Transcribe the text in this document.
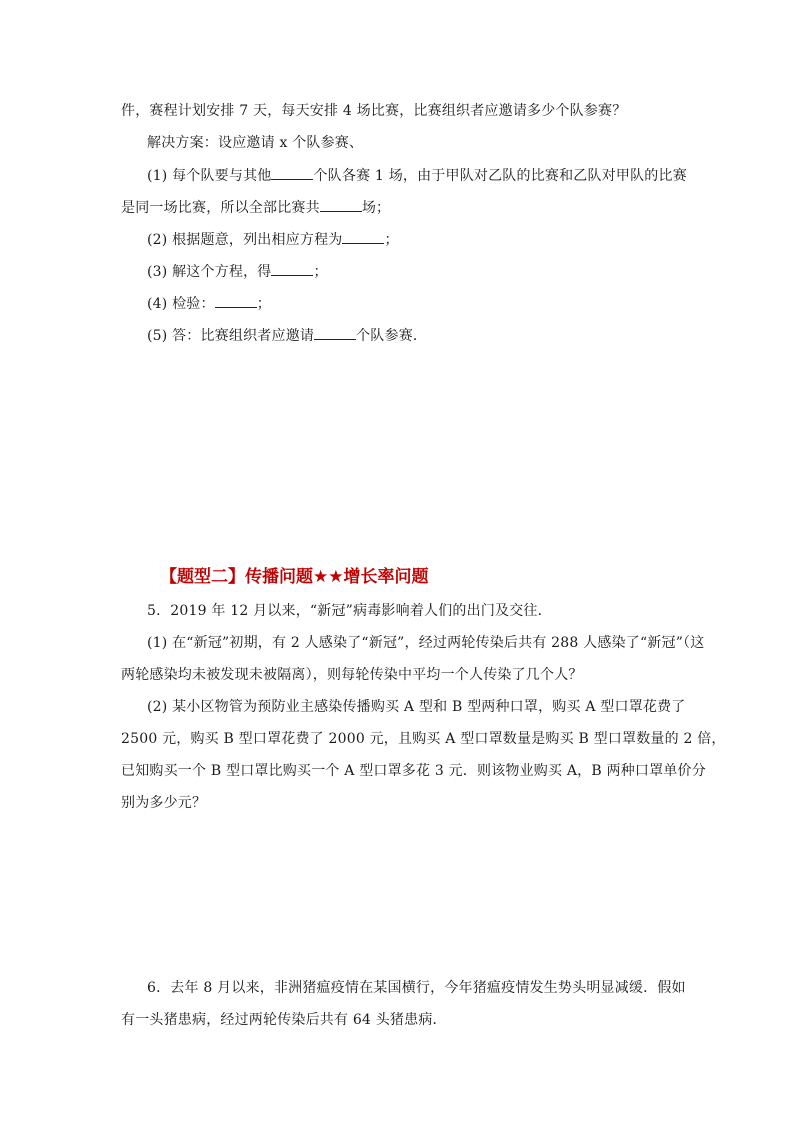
件，赛程计划安排 7 天，每天安排 4 场比赛，比赛组织者应邀请多少个队参赛？
解决方案：设应邀请 x 个队参赛、
(1) 每个队要与其他	个队各赛 1 场，由于甲队对乙队的比赛和乙队对甲队的比赛
是同一场比赛，所以全部比赛共	场；
(2) 根据题意，列出相应方程为	；
(3) 解这个方程，得	；
(4) 检验：	；
(5) 答：比赛组织者应邀请	个队参赛．
【题型二】传播问题★★增长率问题
5．2019 年 12 月以来，“新冠”病毒影响着人们的出门及交往．
(1) 在“新冠”初期，有 2 人感染了“新冠”，经过两轮传染后共有 288 人感染了“新冠”（这
两轮感染均未被发现未被隔离），则每轮传染中平均一个人传染了几个人？
(2) 某小区物管为预防业主感染传播购买 A 型和 B 型两种口罩，购买 A 型口罩花费了
2500 元，购买 B 型口罩花费了 2000 元，且购买 A 型口罩数量是购买 B 型口罩数量的 2 倍，
已知购买一个 B 型口罩比购买一个 A 型口罩多花 3 元．则该物业购买 A，B 两种口罩单价分
别为多少元？
6．去年 8 月以来，非洲猪瘟疫情在某国横行，今年猪瘟疫情发生势头明显减缓．假如
有一头猪患病，经过两轮传染后共有 64 头猪患病．
